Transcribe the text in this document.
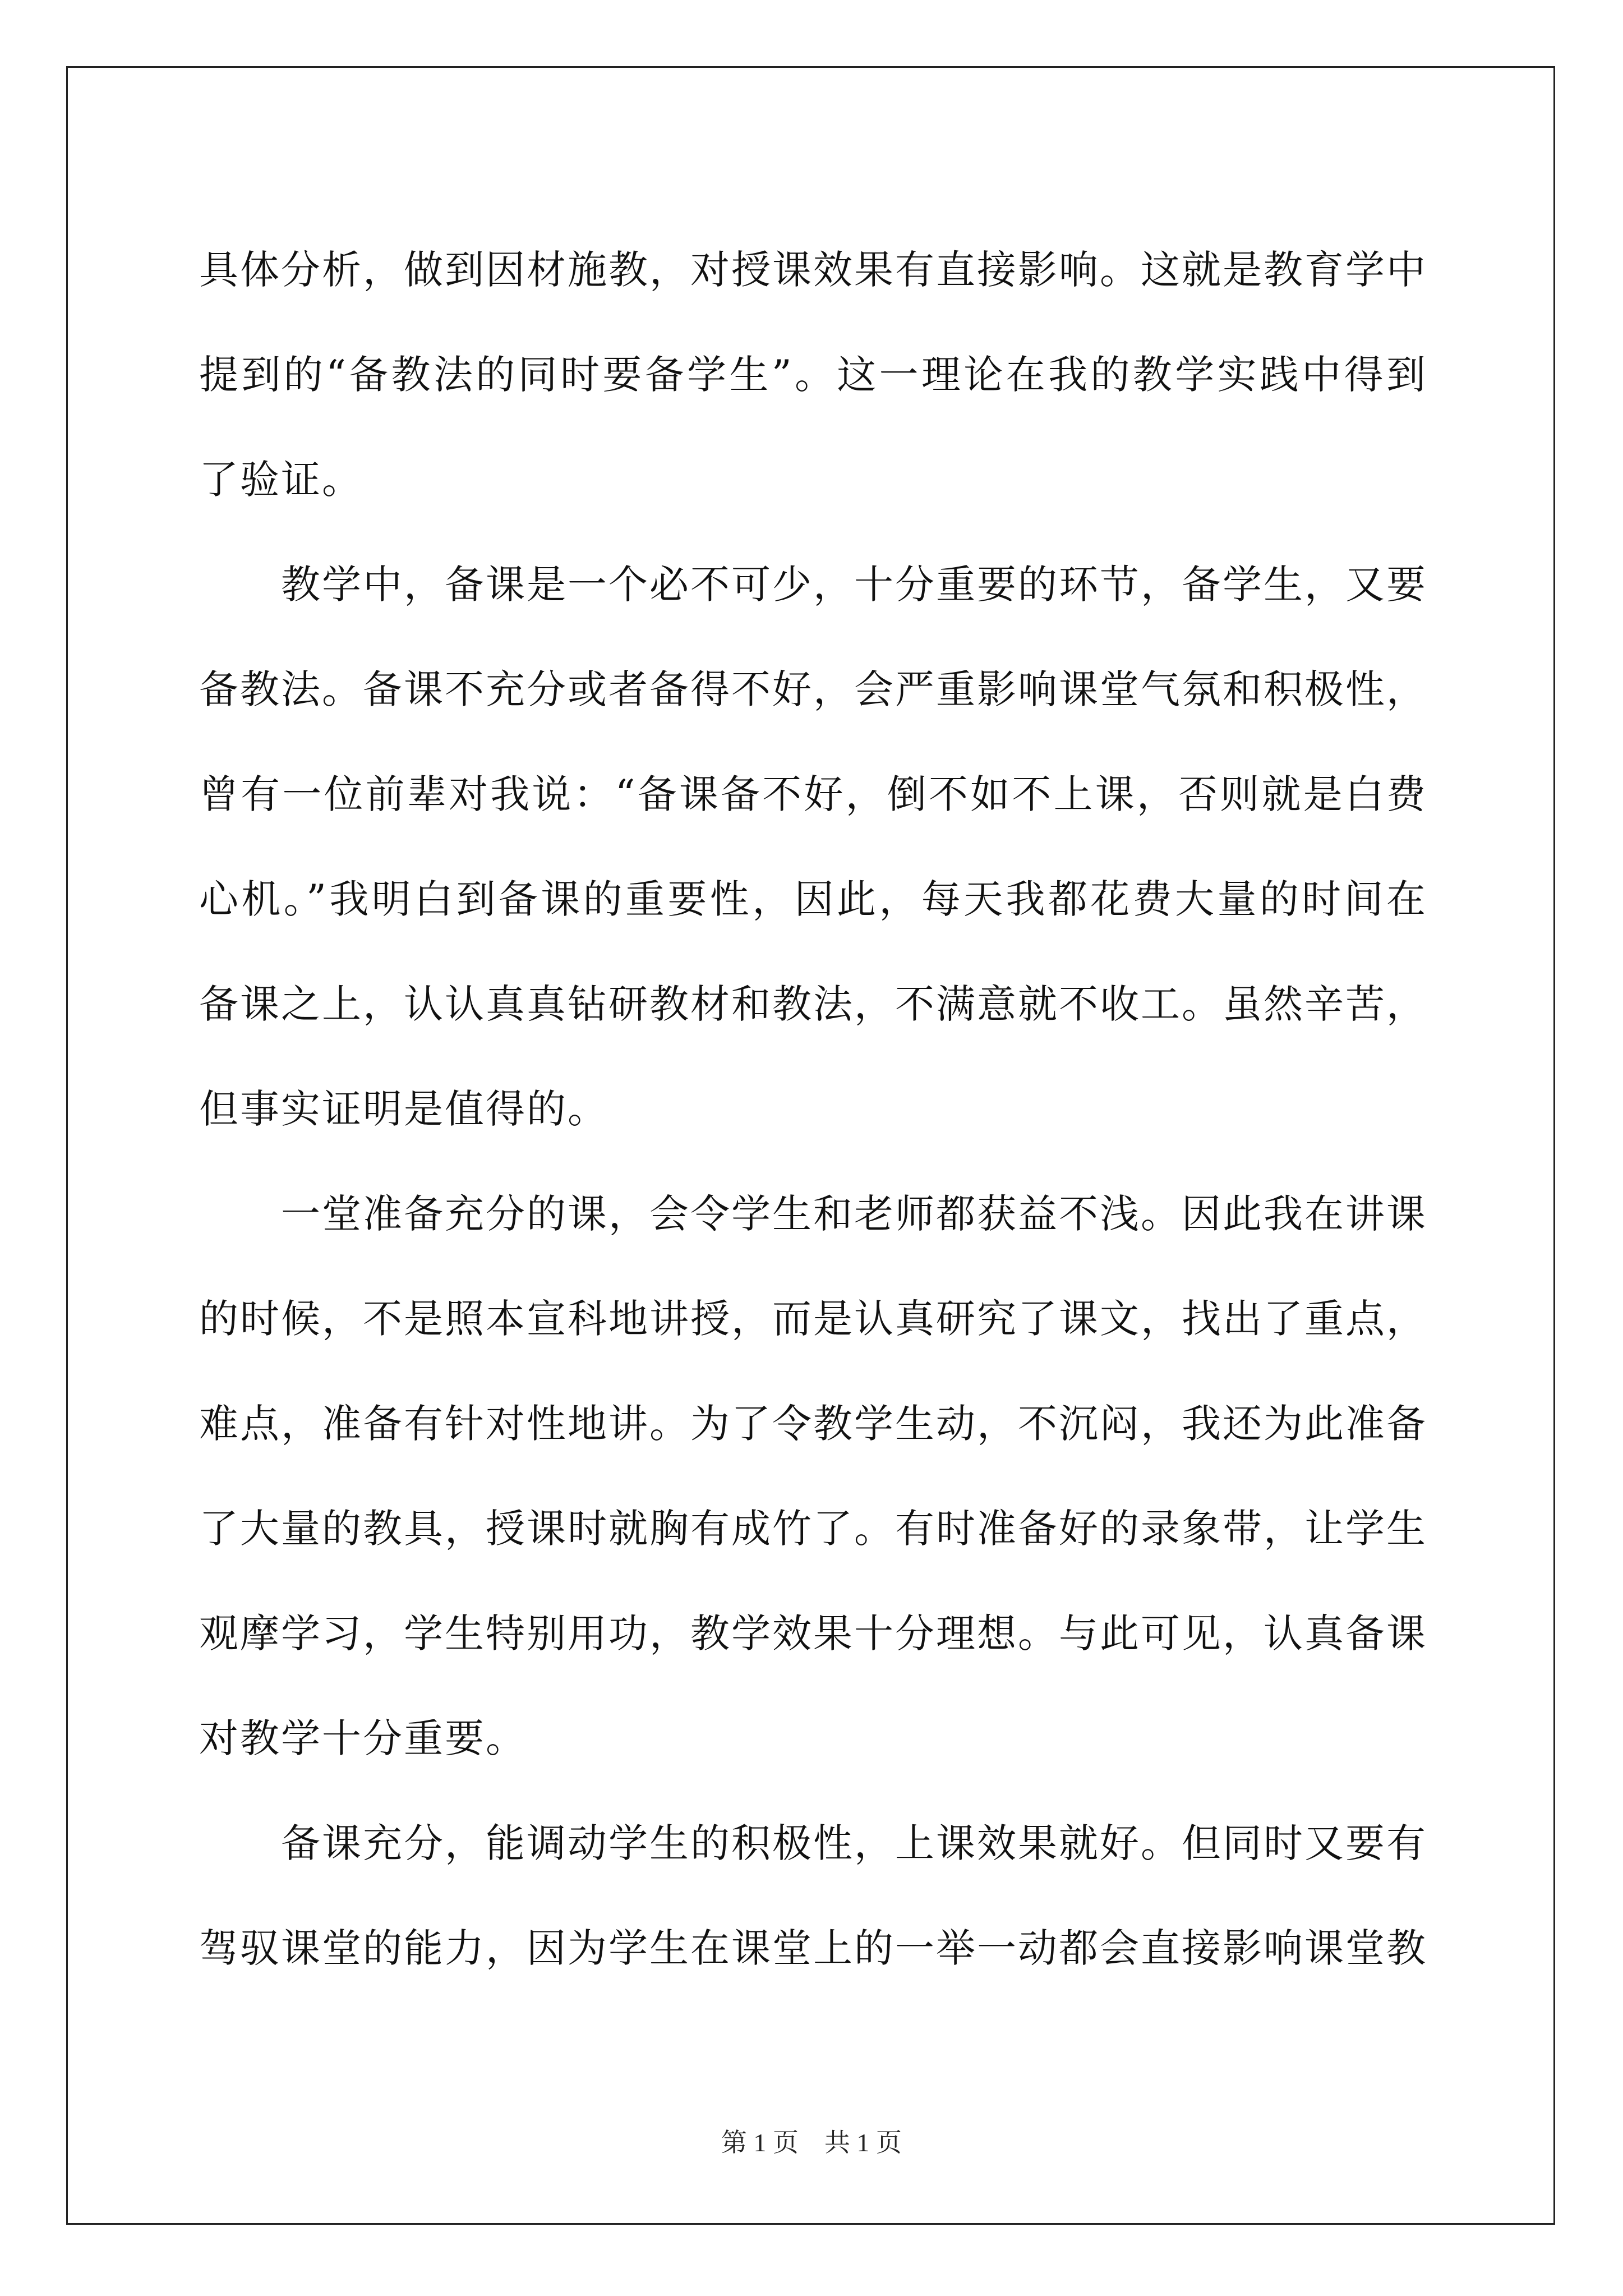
具体分析，做到因材施教，对授课效果有直接影响。这就是教育学中提到的“备教法的同时要备学生”。这一理论在我的教学实践中得到了验证。

教学中，备课是一个必不可少，十分重要的环节，备学生，又要备教法。备课不充分或者备得不好，会严重影响课堂气氛和积极性，曾有一位前辈对我说：“备课备不好，倒不如不上课，否则就是白费心机。”我明白到备课的重要性，因此，每天我都花费大量的时间在备课之上，认认真真钻研教材和教法，不满意就不收工。虽然辛苦，但事实证明是值得的。

一堂准备充分的课，会令学生和老师都获益不浅。因此我在讲课的时候，不是照本宣科地讲授，而是认真研究了课文，找出了重点，难点，准备有针对性地讲。为了令教学生动，不沉闷，我还为此准备了大量的教具，授课时就胸有成竹了。有时准备好的录象带，让学生观摩学习，学生特别用功，教学效果十分理想。与此可见，认真备课对教学十分重要。

备课充分，能调动学生的积极性，上课效果就好。但同时又要有驾驭课堂的能力，因为学生在课堂上的一举一动都会直接影响课堂教

第 1 页 共 1 页
